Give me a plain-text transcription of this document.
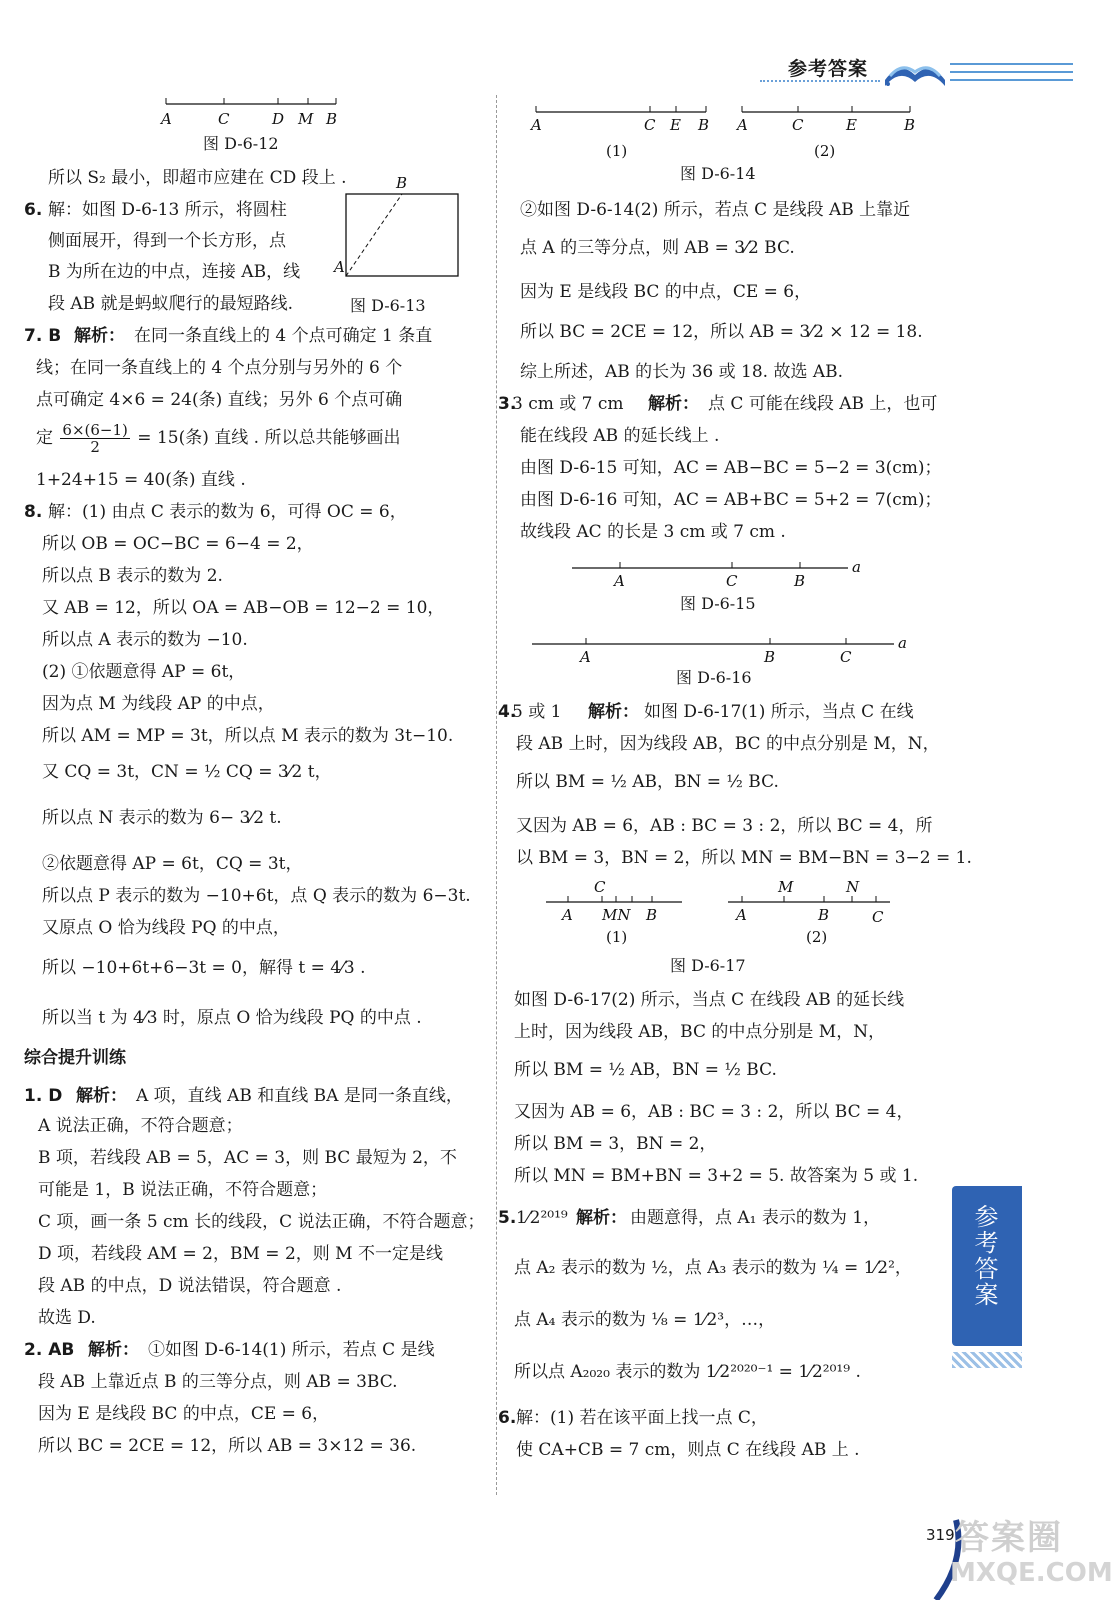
参考答案
A	C	D M B
图 D-6-12
所以 S₂ 最小，即超市应建在 CD 段上 .	B
A
图 D-6-13
6. 解：如图 D-6-13 所示，将圆柱
侧面展开，得到一个长方形，点
B 为所在边的中点，连接 AB，线
段 AB 就是蚂蚁爬行的最短路线.
7. B 解析： 在同一条直线上的 4 个点可确定 1 条直
线；在同一条直线上的 4 个点分别与另外的 6 个
点可确定 4×6 = 24(条) 直线；另外 6 个点可确
定 $\frac{6\times(6-1)}{2} = 15$(条) 直线 . 所以总共能够画出
1+24+15 = 40(条) 直线 .
8. 解：(1) 由点 C 表示的数为 6，可得 OC = 6，
所以 OB = OC−BC = 6−4 = 2，
所以点 B 表示的数为 2.
又 AB = 12，所以 OA = AB−OB = 12−2 = 10，
所以点 A 表示的数为 −10.
(2) ①依题意得 AP = 6t，
因为点 M 为线段 AP 的中点，
所以 AM = MP = 3t，所以点 M 表示的数为 3t−10.
又 CQ = 3t，CN = ½ CQ = 3⁄2 t，
所以点 N 表示的数为 6− 3⁄2 t.
②依题意得 AP = 6t，CQ = 3t，
所以点 P 表示的数为 −10+6t，点 Q 表示的数为 6−3t.
又原点 O 恰为线段 PQ 的中点，
所以 −10+6t+6−3t = 0，解得 t = 4⁄3 .
所以当 t 为 4⁄3 时，原点 O 恰为线段 PQ 的中点 .
综合提升训练
1. D 解析： A 项，直线 AB 和直线 BA 是同一条直线，
A 说法正确，不符合题意；
B 项，若线段 AB = 5，AC = 3，则 BC 最短为 2，不
可能是 1，B 说法正确，不符合题意；
C 项，画一条 5 cm 长的线段，C 说法正确，不符合题意；
D 项，若线段 AM = 2，BM = 2，则 M 不一定是线
段 AB 的中点，D 说法错误，符合题意 .
故选 D.
2. AB 解析： ①如图 D-6-14(1) 所示，若点 C 是线
段 AB 上靠近点 B 的三等分点，则 AB = 3BC.
因为 E 是线段 BC 的中点，CE = 6，
所以 BC = 2CE = 12，所以 AB = 3×12 = 36.
A	C E B
(1)
A	C	E	B
(2)
图 D-6-14
②如图 D-6-14(2) 所示，若点 C 是线段 AB 上靠近
点 A 的三等分点，则 AB = 3⁄2 BC.
因为 E 是线段 BC 的中点，CE = 6，
所以 BC = 2CE = 12，所以 AB = 3⁄2 × 12 = 18.
综上所述，AB 的长为 36 或 18. 故选 AB.
3.
3 cm 或 7 cm 解析： 点 C 可能在线段 AB 上，也可
能在线段 AB 的延长线上 .
由图 D-6-15 可知，AC = AB−BC = 5−2 = 3(cm)；
由图 D-6-16 可知，AC = AB+BC = 5+2 = 7(cm)；
故线段 AC 的长是 3 cm 或 7 cm .
A	C	B
a
图 D-6-15
A	B	C
a
图 D-6-16
4.
5 或 1 解析： 如图 D-6-17(1) 所示，当点 C 在线
段 AB 上时，因为线段 AB，BC 的中点分别是 M，N，
所以 BM = ½ AB，BN = ½ BC.
又因为 AB = 6，AB : BC = 3 : 2，所以 BC = 4，所
以 BM = 3，BN = 2，所以 MN = BM−BN = 3−2 = 1.
C
A MN B
(1)
M	N
A	B	C
(2)
图 D-6-17
如图 D-6-17(2) 所示，当点 C 在线段 AB 的延长线
上时，因为线段 AB，BC 的中点分别是 M，N，
所以 BM = ½ AB，BN = ½ BC.
又因为 AB = 6，AB : BC = 3 : 2，所以 BC = 4，
所以 BM = 3，BN = 2，
所以 MN = BM+BN = 3+2 = 5. 故答案为 5 或 1.
5. 1⁄2²⁰¹⁹ 解析： 由题意得，点 A₁ 表示的数为 1，
点 A₂ 表示的数为 ½，点 A₃ 表示的数为 ¼ = 1⁄2²，
点 A₄ 表示的数为 ⅛ = 1⁄2³，…，
所以点 A₂₀₂₀ 表示的数为 1⁄2²⁰²⁰⁻¹ = 1⁄2²⁰¹⁹ .
6. 解：(1) 若在该平面上找一点 C，
使 CA+CB = 7 cm，则点 C 在线段 AB 上 .
参考答案
319 答案圈
MXQE.COM
